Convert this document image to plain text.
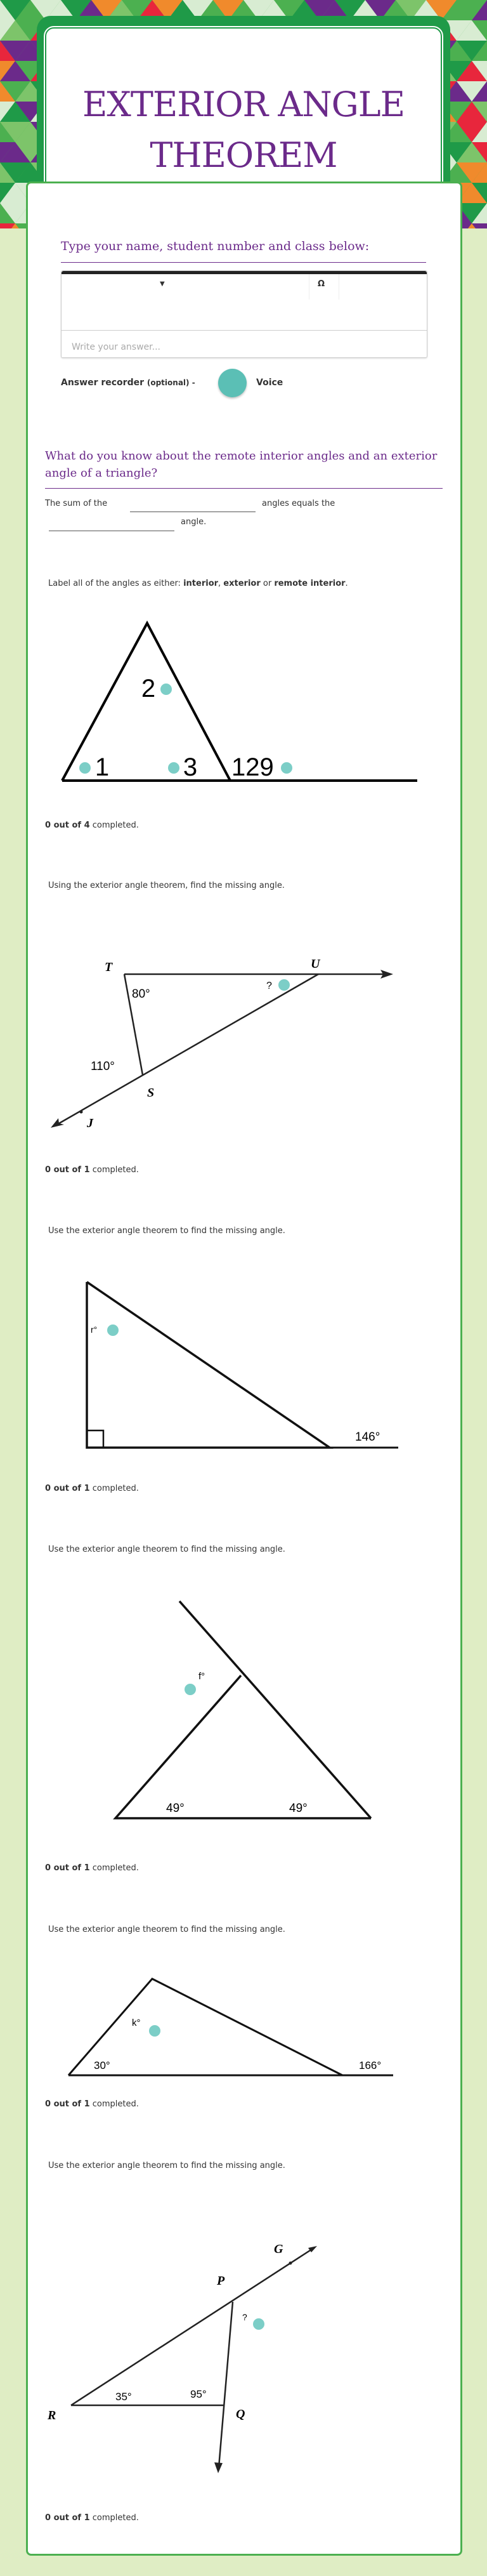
EXTERIOR ANGLE
THEOREM
Type your name, student number and class below:
▼	Ω
Write your answer...
Answer recorder (optional) -	Voice
What do you know about the remote interior angles and an exterior angle of a triangle?
The sum of the	angles equals the
angle.
Label all of the angles as either: interior, exterior or remote interior.
2
1	3 129
0 out of 4 completed.
Using the exterior angle theorem, find the missing angle.
T	U
S
J
80°
110°
?
0 out of 1 completed.
Use the exterior angle theorem to find the missing angle.
146°
r°
0 out of 1 completed.
Use the exterior angle theorem to find the missing angle.
49°	49°
f°
0 out of 1 completed.
Use the exterior angle theorem to find the missing angle.
30°	166°
k°
0 out of 1 completed.
Use the exterior angle theorem to find the missing angle.
G
P
R	Q
35°	95°
?
0 out of 1 completed.
